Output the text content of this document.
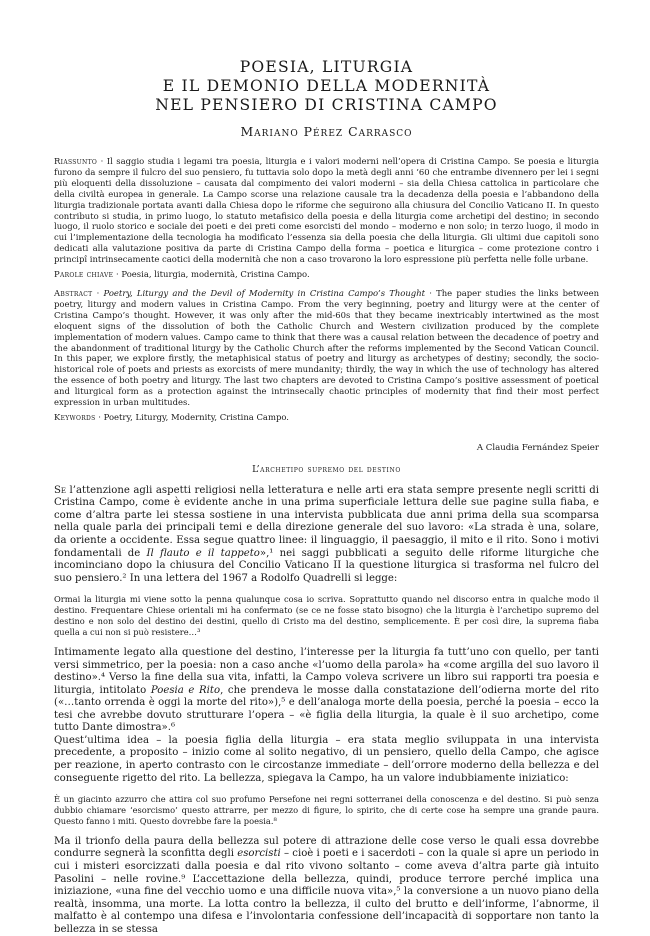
POESIA, LITURGIA
E IL DEMONIO DELLA MODERNITÀ
NEL PENSIERO DI CRISTINA CAMPO
Mariano Pérez Carrasco

Riassunto · Il saggio studia i legami tra poesia, liturgia e i valori moderni nell’opera di Cristina Campo. Se poesia e liturgia furono da sempre il fulcro del suo pensiero, fu tuttavia solo dopo la metà degli anni ’60 che entrambe divennero per lei i segni più eloquenti della dissoluzione – causata dal compimento dei valori moderni – sia della Chiesa cattolica in particolare che della civiltà europea in generale. La Campo scorse una relazione causale tra la decadenza della poesia e l’abbandono della liturgia tradizionale portata avanti dalla Chiesa dopo le riforme che seguirono alla chiusura del Concilio Vaticano II. In questo contributo si studia, in primo luogo, lo statuto metafisico della poesia e della liturgia come archetipi del destino; in secondo luogo, il ruolo storico e sociale dei poeti e dei preti come esorcisti del mondo – moderno e non solo; in terzo luogo, il modo in cui l’implementazione della tecnologia ha modificato l’essenza sia della poesia che della liturgia. Gli ultimi due capitoli sono dedicati alla valutazione positiva da parte di Cristina Campo della forma – poetica e liturgica – come protezione contro i principî intrinsecamente caotici della modernità che non a caso trovarono la loro espressione più perfetta nelle folle urbane.

Parole chiave · Poesia, liturgia, modernità, Cristina Campo.

Abstract · Poetry, Liturgy and the Devil of Modernity in Cristina Campo’s Thought · The paper studies the links between poetry, liturgy and modern values in Cristina Campo. From the very beginning, poetry and liturgy were at the center of Cristina Campo’s thought. However, it was only after the mid-60s that they became inextricably intertwined as the most eloquent signs of the dissolution of both the Catholic Church and Western civilization produced by the complete implementation of modern values. Campo came to think that there was a causal relation between the decadence of poetry and the abandonment of traditional liturgy by the Catholic Church after the reforms implemented by the Second Vatican Council. In this paper, we explore firstly, the metaphisical status of poetry and liturgy as archetypes of destiny; secondly, the socio-historical role of poets and priests as exorcists of mere mundanity; thirdly, the way in which the use of technology has altered the essence of both poetry and liturgy. The last two chapters are devoted to Cristina Campo’s positive assessment of poetical and liturgical form as a protection against the intrinsecally chaotic principles of modernity that find their most perfect expression in urban multitudes.

Keywords · Poetry, Liturgy, Modernity, Cristina Campo.

A Claudia Fernández Speier
L’archetipo supremo del destino

Se l’attenzione agli aspetti religiosi nella letteratura e nelle arti era stata sempre presente negli scritti di Cristina Campo, come è evidente anche in una prima superficiale lettura delle sue pagine sulla fiaba, e come d’altra parte lei stessa sostiene in una intervista pubblicata due anni prima della sua scomparsa nella quale parla dei principali temi e della direzione generale del suo lavoro: «La strada è una, solare, da oriente a occidente. Essa segue quattro linee: il linguaggio, il paesaggio, il mito e il rito. Sono i motivi fondamentali de Il flauto e il tappeto»,¹ nei saggi pubblicati a seguito delle riforme liturgiche che incominciano dopo la chiusura del Concilio Vaticano II la questione liturgica si trasforma nel fulcro del suo pensiero.² In una lettera del 1967 a Rodolfo Quadrelli si legge:

Ormai la liturgia mi viene sotto la penna qualunque cosa io scriva. Soprattutto quando nel discorso entra in qualche modo il destino. Frequentare Chiese orientali mi ha confermato (se ce ne fosse stato bisogno) che la liturgia è l’archetipo supremo del destino e non solo del destino dei destini, quello di Cristo ma del destino, semplicemente. È per così dire, la suprema fiaba quella a cui non si può resistere…³

Intimamente legato alla questione del destino, l’interesse per la liturgia fa tutt’uno con quello, per tanti versi simmetrico, per la poesia: non a caso anche «l’uomo della parola» ha «come argilla del suo lavoro il destino».⁴ Verso la fine della sua vita, infatti, la Campo voleva scrivere un libro sui rapporti tra poesia e liturgia, intitolato Poesia e Rito, che prendeva le mosse dalla constatazione dell’odierna morte del rito («…tanto orrenda è oggi la morte del rito»),⁵ e dell’analoga morte della poesia, perché la poesia – ecco la tesi che avrebbe dovuto strutturare l’opera – «è figlia della liturgia, la quale è il suo archetipo, come tutto Dante dimostra».⁶

Quest’ultima idea – la poesia figlia della liturgia – era stata meglio sviluppata in una intervista precedente, a proposito – inizio come al solito negativo, di un pensiero, quello della Campo, che agisce per reazione, in aperto contrasto con le circostanze immediate – dell’orrore moderno della bellezza e del conseguente rigetto del rito. La bellezza, spiegava la Campo, ha un valore indubbiamente iniziatico:

È un giacinto azzurro che attira col suo profumo Persefone nei regni sotterranei della conoscenza e del destino. Si può senza dubbio chiamare ‘esorcismo’ questo attrarre, per mezzo di figure, lo spirito, che di certe cose ha sempre una grande paura. Questo fanno i miti. Questo dovrebbe fare la poesia.⁸

Ma il trionfo della paura della bellezza sul potere di attrazione delle cose verso le quali essa dovrebbe condurre segnerà la sconfitta degli esorcisti – cioè i poeti e i sacerdoti – con la quale si apre un periodo in cui i misteri esorcizzati dalla poesia e dal rito vivono soltanto – come aveva d’altra parte già intuito Pasolini – nelle rovine.⁹ L’accettazione della bellezza, quindi, produce terrore perché implica una iniziazione, «una fine del vecchio uomo e una difficile nuova vita»,⁵ la conversione a un nuovo piano della realtà, insomma, una morte. La lotta contro la bellezza, il culto del brutto e dell’informe, l’abnorme, il malfatto è al contempo una difesa e l’involontaria confessione dell’incapacità di sopportare non tanto la bellezza in se stessa
